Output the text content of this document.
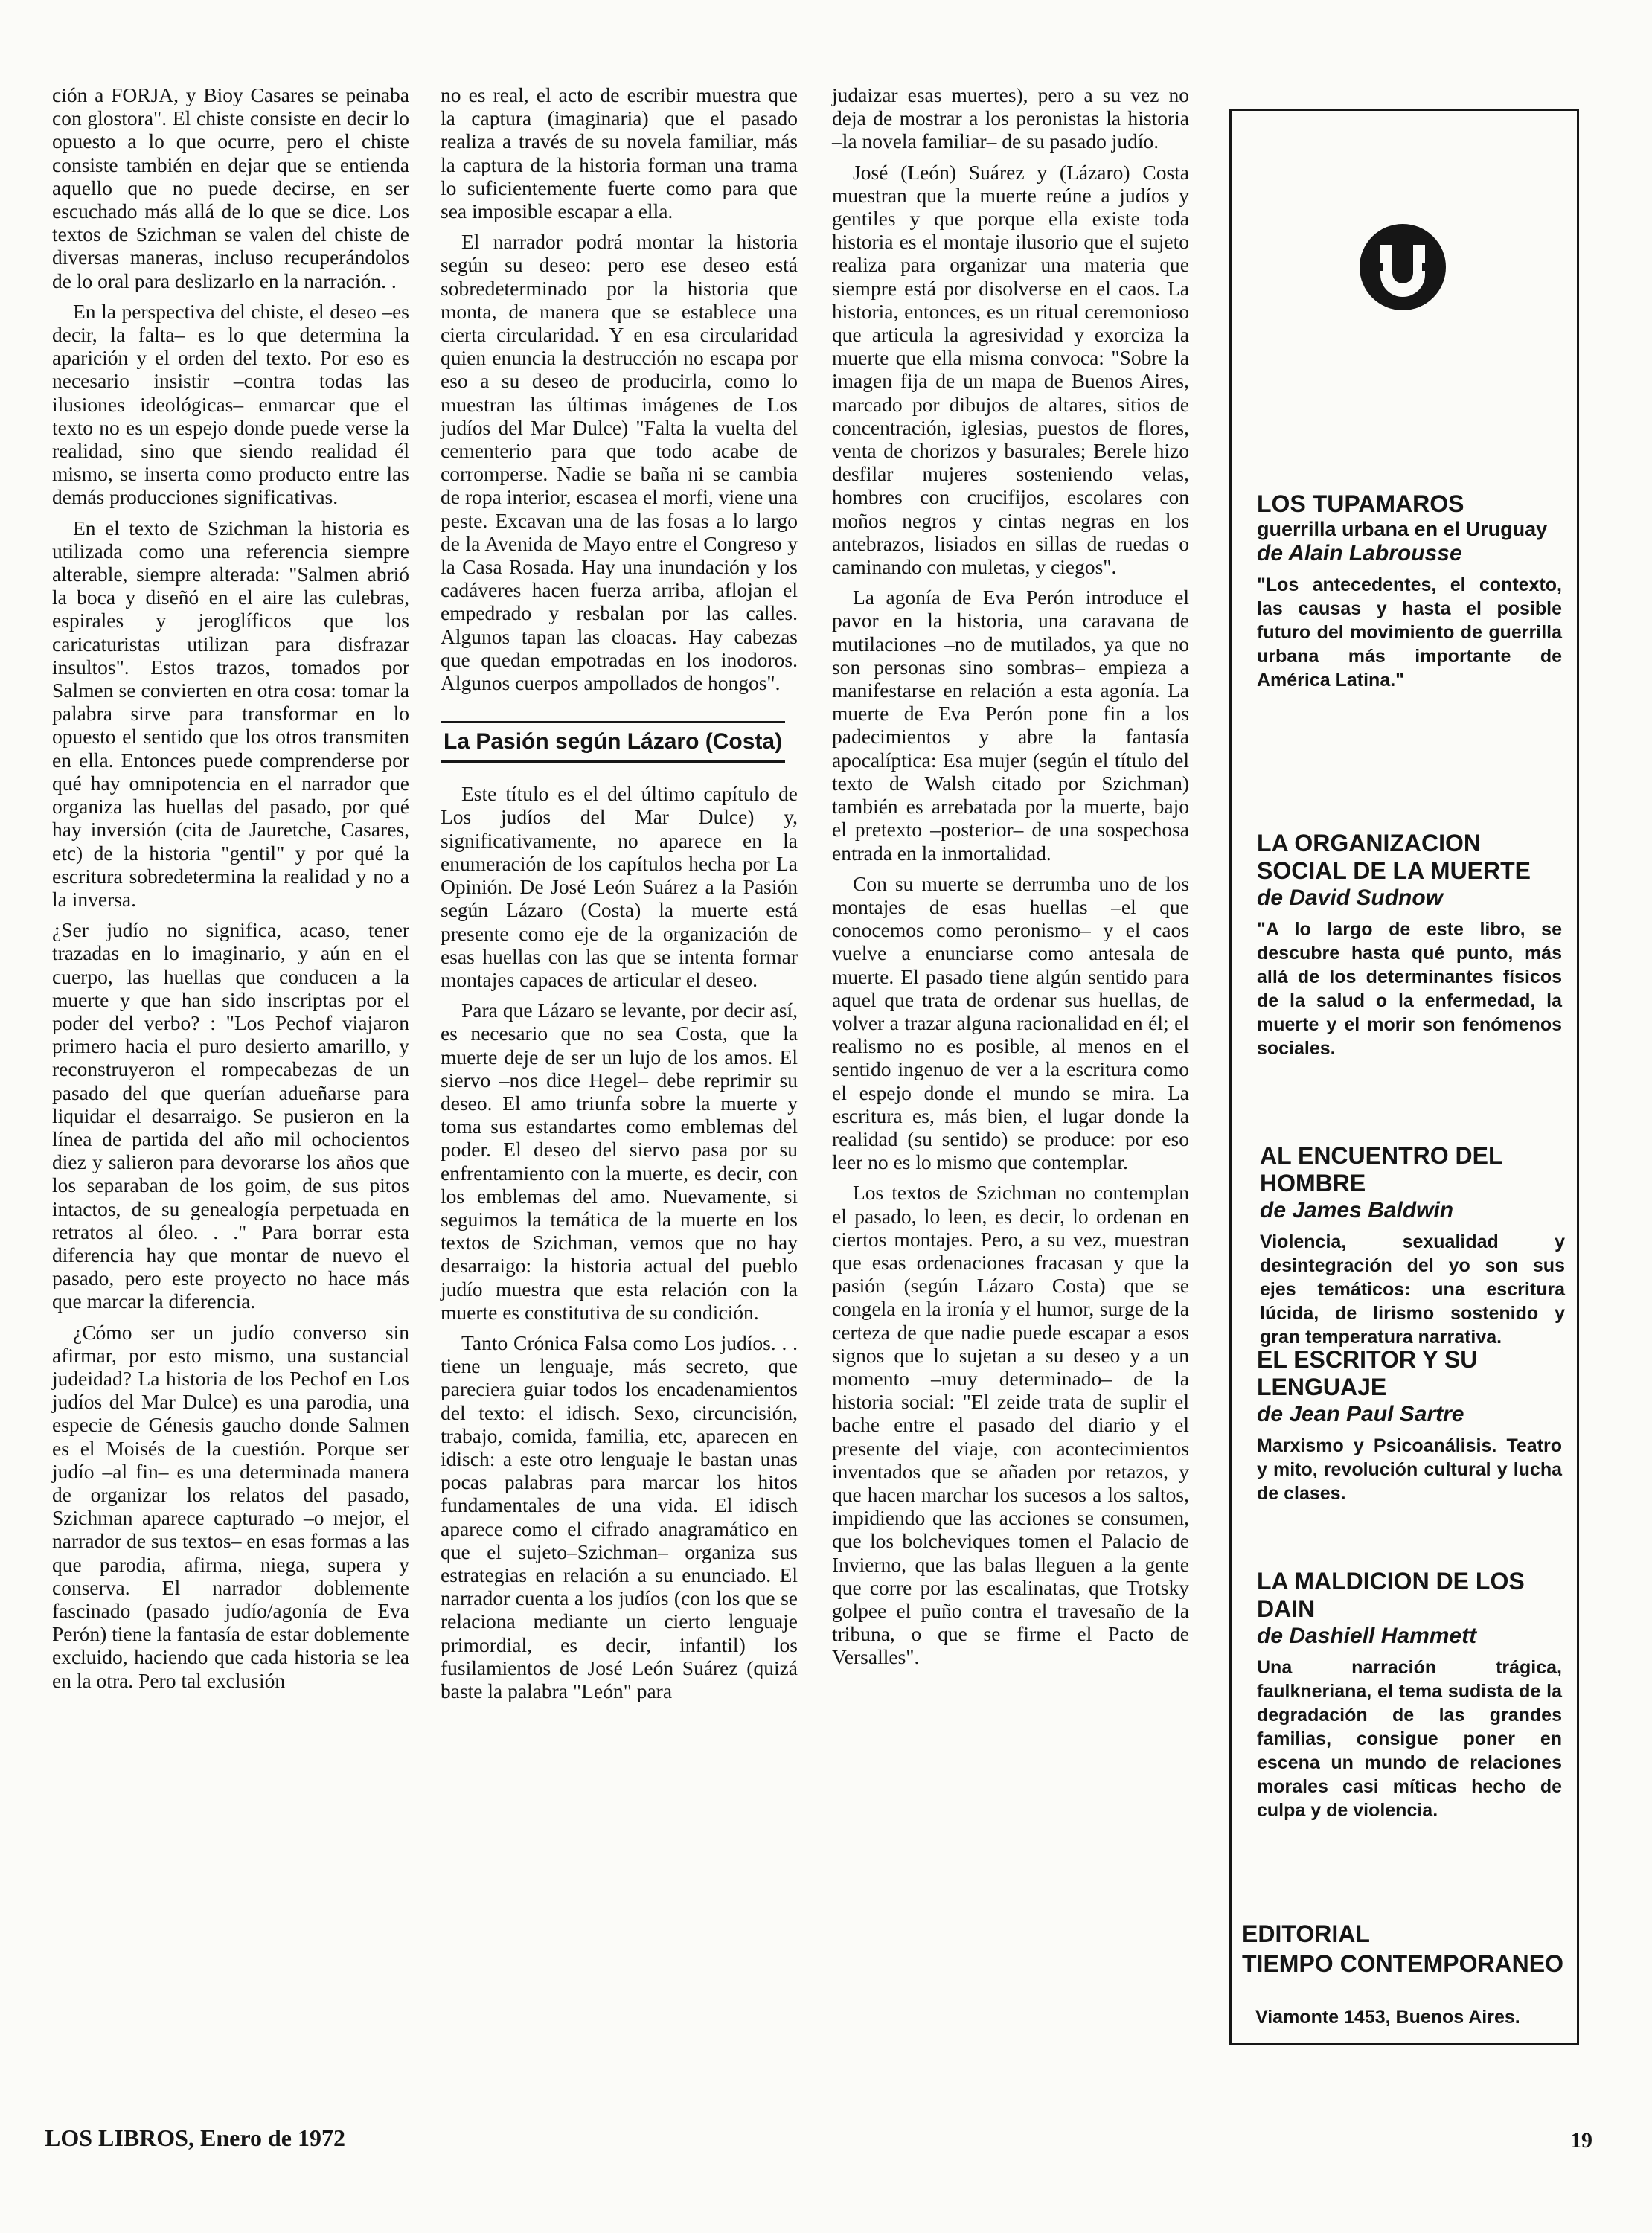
ción a FORJA, y Bioy Casares se peinaba con glostora". El chiste consiste en decir lo opuesto a lo que ocurre, pero el chiste consiste también en dejar que se entienda aquello que no puede decirse, en ser escuchado más allá de lo que se dice. Los textos de Szichman se valen del chiste de diversas maneras, incluso recuperándolos de lo oral para deslizarlo en la narración. .

En la perspectiva del chiste, el deseo –es decir, la falta– es lo que determina la aparición y el orden del texto. Por eso es necesario insistir –contra todas las ilusiones ideológicas– enmarcar que el texto no es un espejo donde puede verse la realidad, sino que siendo realidad él mismo, se inserta como producto entre las demás producciones significativas.

En el texto de Szichman la historia es utilizada como una referencia siempre alterable, siempre alterada: "Salmen abrió la boca y diseñó en el aire las culebras, espirales y jeroglíficos que los caricaturistas utilizan para disfrazar insultos". Estos trazos, tomados por Salmen se convierten en otra cosa: tomar la palabra sirve para transformar en lo opuesto el sentido que los otros transmiten en ella. Entonces puede comprenderse por qué hay omnipotencia en el narrador que organiza las huellas del pasado, por qué hay inversión (cita de Jauretche, Casares, etc) de la historia "gentil" y por qué la escritura sobredetermina la realidad y no a la inversa.

¿Ser judío no significa, acaso, tener trazadas en lo imaginario, y aún en el cuerpo, las huellas que conducen a la muerte y que han sido inscriptas por el poder del verbo? : "Los Pechof viajaron primero hacia el puro desierto amarillo, y reconstruyeron el rompecabezas de un pasado del que querían adueñarse para liquidar el desarraigo. Se pusieron en la línea de partida del año mil ochocientos diez y salieron para devorarse los años que los separaban de los goim, de sus pitos intactos, de su genealogía perpetuada en retratos al óleo. . ." Para borrar esta diferencia hay que montar de nuevo el pasado, pero este proyecto no hace más que marcar la diferencia.

¿Cómo ser un judío converso sin afirmar, por esto mismo, una sustancial judeidad? La historia de los Pechof en Los judíos del Mar Dulce) es una parodia, una especie de Génesis gaucho donde Salmen es el Moisés de la cuestión. Porque ser judío –al fin– es una determinada manera de organizar los relatos del pasado, Szichman aparece capturado –o mejor, el narrador de sus textos– en esas formas a las que parodia, afirma, niega, supera y conserva. El narrador doblemente fascinado (pasado judío/agonía de Eva Perón) tiene la fantasía de estar doblemente excluido, haciendo que cada historia se lea en la otra. Pero tal exclusión

no es real, el acto de escribir muestra que la captura (imaginaria) que el pasado realiza a través de su novela familiar, más la captura de la historia forman una trama lo suficientemente fuerte como para que sea imposible escapar a ella.

El narrador podrá montar la historia según su deseo: pero ese deseo está sobredeterminado por la historia que monta, de manera que se establece una cierta circularidad. Y en esa circularidad quien enuncia la destrucción no escapa por eso a su deseo de producirla, como lo muestran las últimas imágenes de Los judíos del Mar Dulce) "Falta la vuelta del cementerio para que todo acabe de corromperse. Nadie se baña ni se cambia de ropa interior, escasea el morfi, viene una peste. Excavan una de las fosas a lo largo de la Avenida de Mayo entre el Congreso y la Casa Rosada. Hay una inundación y los cadáveres hacen fuerza arriba, aflojan el empedrado y resbalan por las calles. Algunos tapan las cloacas. Hay cabezas que quedan empotradas en los inodoros. Algunos cuerpos ampollados de hongos".

La Pasión según Lázaro (Costa)

Este título es el del último capítulo de Los judíos del Mar Dulce) y, significativamente, no aparece en la enumeración de los capítulos hecha por La Opinión. De José León Suárez a la Pasión según Lázaro (Costa) la muerte está presente como eje de la organización de esas huellas con las que se intenta formar montajes capaces de articular el deseo.

Para que Lázaro se levante, por decir así, es necesario que no sea Costa, que la muerte deje de ser un lujo de los amos. El siervo –nos dice Hegel– debe reprimir su deseo. El amo triunfa sobre la muerte y toma sus estandartes como emblemas del poder. El deseo del siervo pasa por su enfrentamiento con la muerte, es decir, con los emblemas del amo. Nuevamente, si seguimos la temática de la muerte en los textos de Szichman, vemos que no hay desarraigo: la historia actual del pueblo judío muestra que esta relación con la muerte es constitutiva de su condición.

Tanto Crónica Falsa como Los judíos. . . tiene un lenguaje, más secreto, que pareciera guiar todos los encadenamientos del texto: el idisch. Sexo, circuncisión, trabajo, comida, familia, etc, aparecen en idisch: a este otro lenguaje le bastan unas pocas palabras para marcar los hitos fundamentales de una vida. El idisch aparece como el cifrado anagramático en que el sujeto–Szichman– organiza sus estrategias en relación a su enunciado. El narrador cuenta a los judíos (con los que se relaciona mediante un cierto lenguaje primordial, es decir, infantil) los fusilamientos de José León Suárez (quizá baste la palabra "León" para

judaizar esas muertes), pero a su vez no deja de mostrar a los peronistas la historia –la novela familiar– de su pasado judío.

José (León) Suárez y (Lázaro) Costa muestran que la muerte reúne a judíos y gentiles y que porque ella existe toda historia es el montaje ilusorio que el sujeto realiza para organizar una materia que siempre está por disolverse en el caos. La historia, entonces, es un ritual ceremonioso que articula la agresividad y exorciza la muerte que ella misma convoca: "Sobre la imagen fija de un mapa de Buenos Aires, marcado por dibujos de altares, sitios de concentración, iglesias, puestos de flores, venta de chorizos y basurales; Berele hizo desfilar mujeres sosteniendo velas, hombres con crucifijos, escolares con moños negros y cintas negras en los antebrazos, lisiados en sillas de ruedas o caminando con muletas, y ciegos".

La agonía de Eva Perón introduce el pavor en la historia, una caravana de mutilaciones –no de mutilados, ya que no son personas sino sombras– empieza a manifestarse en relación a esta agonía. La muerte de Eva Perón pone fin a los padecimientos y abre la fantasía apocalíptica: Esa mujer (según el título del texto de Walsh citado por Szichman) también es arrebatada por la muerte, bajo el pretexto –posterior– de una sospechosa entrada en la inmortalidad.

Con su muerte se derrumba uno de los montajes de esas huellas –el que conocemos como peronismo– y el caos vuelve a enunciarse como antesala de muerte. El pasado tiene algún sentido para aquel que trata de ordenar sus huellas, de volver a trazar alguna racionalidad en él; el realismo no es posible, al menos en el sentido ingenuo de ver a la escritura como el espejo donde el mundo se mira. La escritura es, más bien, el lugar donde la realidad (su sentido) se produce: por eso leer no es lo mismo que contemplar.

Los textos de Szichman no contemplan el pasado, lo leen, es decir, lo ordenan en ciertos montajes. Pero, a su vez, muestran que esas ordenaciones fracasan y que la pasión (según Lázaro Costa) que se congela en la ironía y el humor, surge de la certeza de que nadie puede escapar a esos signos que lo sujetan a su deseo y a un momento –muy determinado– de la historia social: "El zeide trata de suplir el bache entre el pasado del diario y el presente del viaje, con acontecimientos inventados que se añaden por retazos, y que hacen marchar los sucesos a los saltos, impidiendo que las acciones se consumen, que los bolcheviques tomen el Palacio de Invierno, que las balas lleguen a la gente que corre por las escalinatas, que Trotsky golpee el puño contra el travesaño de la tribuna, o que se firme el Pacto de Versalles".

LOS TUPAMAROS
guerrilla urbana en el Uruguay
de Alain Labrousse
"Los antecedentes, el contexto, las causas y hasta el posible futuro del movimiento de guerrilla urbana más importante de América Latina."
LA ORGANIZACION SOCIAL DE LA MUERTE
de David Sudnow
"A lo largo de este libro, se descubre hasta qué punto, más allá de los determinantes físicos de la salud o la enfermedad, la muerte y el morir son fenómenos sociales.
AL ENCUENTRO DEL HOMBRE
de James Baldwin
Violencia, sexualidad y desintegración del yo son sus ejes temáticos: una escritura lúcida, de lirismo sostenido y gran temperatura narrativa.
EL ESCRITOR Y SU LENGUAJE
de Jean Paul Sartre
Marxismo y Psicoanálisis. Teatro y mito, revolución cultural y lucha de clases.
LA MALDICION DE LOS DAIN
de Dashiell Hammett
Una narración trágica, faulkneriana, el tema sudista de la degradación de las grandes familias, consigue poner en escena un mundo de relaciones morales casi míticas hecho de culpa y de violencia.
EDITORIAL
TIEMPO CONTEMPORANEO
Viamonte 1453, Buenos Aires.
LOS LIBROS, Enero de 1972	19
